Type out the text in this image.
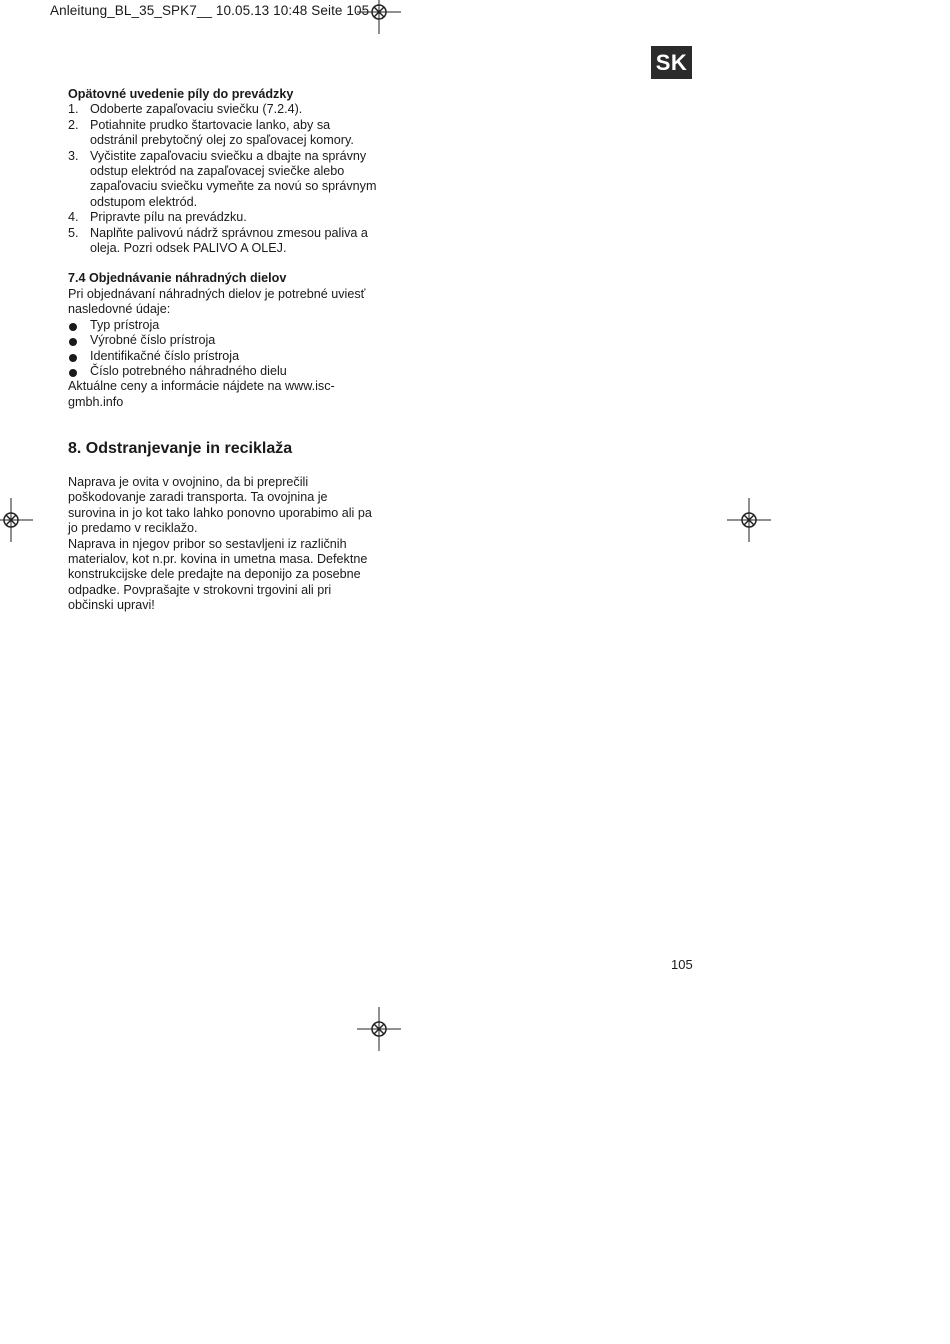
Anleitung_BL_35_SPK7__ 10.05.13 10:48 Seite 105
SK

Opätovné uvedenie píly do prevádzky

1. Odoberte zapaľovaciu sviečku (7.2.4).
2. Potiahnite prudko štartovacie lanko, aby sa odstránil prebytočný olej zo spaľovacej komory.
3. Vyčistite zapaľovaciu sviečku a dbajte na správny odstup elektród na zapaľovacej sviečke alebo zapaľovaciu sviečku vymeňte za novú so správnym odstupom elektród.
4. Pripravte pílu na prevádzku.
5. Naplňte palivovú nádrž správnou zmesou paliva a oleja. Pozri odsek PALIVO A OLEJ.

7.4 Objednávanie náhradných dielov

Pri objednávaní náhradných dielov je potrebné uviesť nasledovné údaje:

Typ prístroja
Výrobné číslo prístroja
Identifikačné číslo prístroja
Číslo potrebného náhradného dielu

Aktuálne ceny a informácie nájdete na www.isc-gmbh.info

8. Odstranjevanje in reciklaža

Naprava je ovita v ovojnino, da bi preprečili poškodovanje zaradi transporta. Ta ovojnina je surovina in jo kot tako lahko ponovno uporabimo ali pa jo predamo v reciklažo.

Naprava in njegov pribor so sestavljeni iz različnih materialov, kot n.pr. kovina in umetna masa. Defektne konstrukcijske dele predajte na deponijo za posebne odpadke. Povprašajte v strokovni trgovini ali pri občinski upravi!

105
